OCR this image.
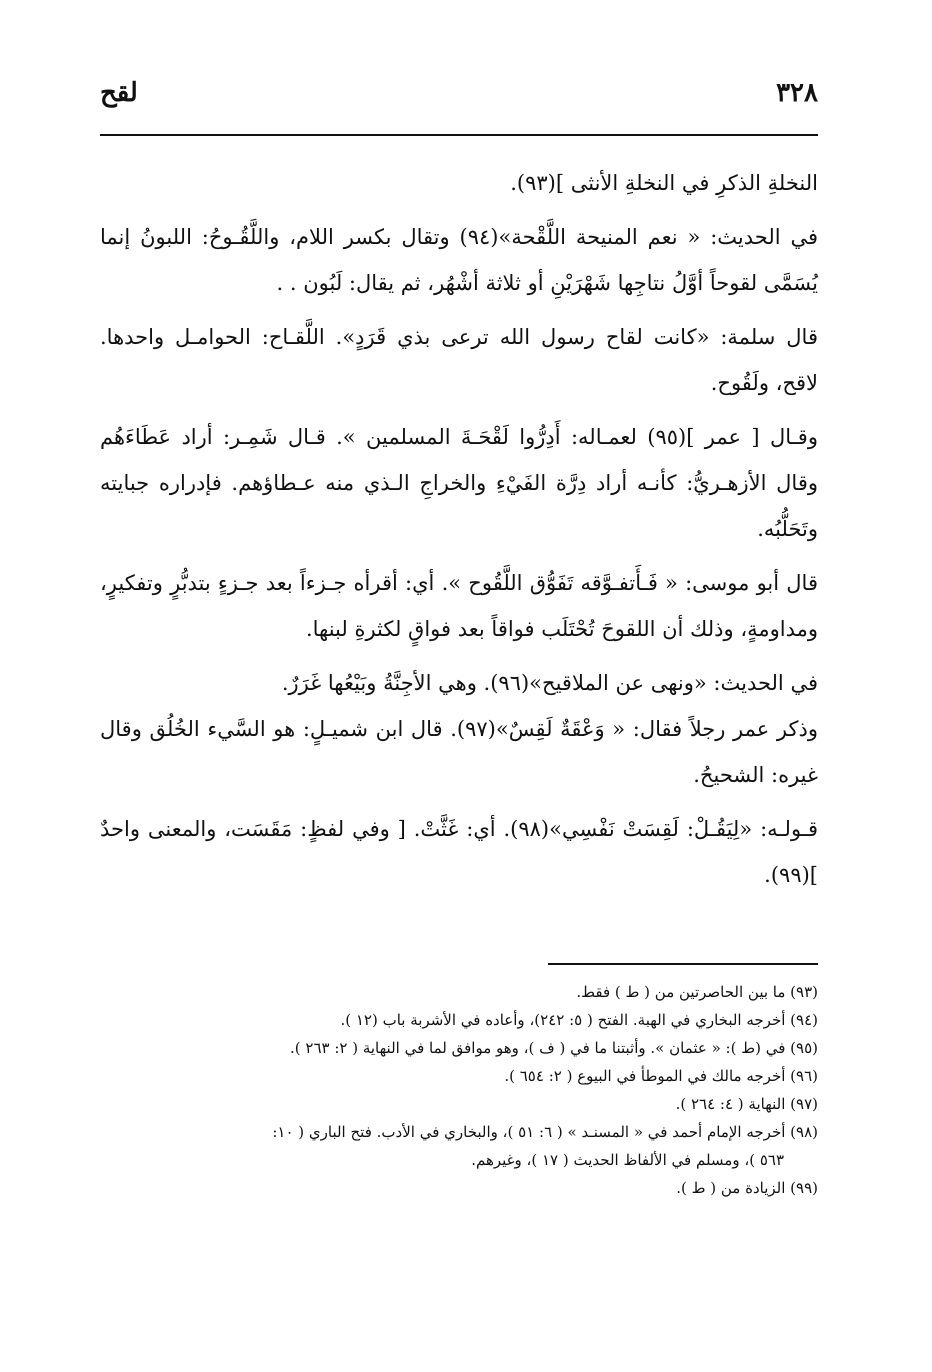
٣٢٨
لقح

النخلةِ الذكرِ في النخلةِ الأنثى ](٩٣).

في الحديث: « نعم المنيحة اللَّقْحة»(٩٤) وتقال بكسر اللام، واللَّقُـوحُ: اللبونُ إنما يُسَمَّى لقوحاً أوَّلُ نتاجِها شَهْرَيْنِ أو ثلاثة أشْهُر، ثم يقال: لَبُون . .

قال سلمة: «كانت لقاح رسول الله ترعى بذي قَرَدٍ». اللَّقـاح: الحوامـل واحدها. لاقح، ولَقُوح.

وقـال [ عمر ](٩٥) لعمـاله: أَدِرُّوا لَقْحَـةَ المسلمين ». قـال شَمِـر: أراد عَطَاءَهُم وقال الأزهـريُّ: كأنـه أراد دِرَّة الفَيْءِ والخراجِ الـذي منه عـطاؤهم. فإدراره جبايته وتَحَلُّبُه.

قال أبو موسى: « فَـأَتفـوَّقه تَفَوُّق اللَّقُوح ». أي: أقرأه جـزءاً بعد جـزءٍ بتدبُّرٍ وتفكيرٍ، ومداومةٍ، وذلك أن اللقوحَ تُحْتَلَب فواقاً بعد فواقٍ لكثرةِ لبنها.

في الحديث: «ونهى عن الملاقيح»(٩٦). وهي الأجِنَّةُ وبَيْعُها غَرَرٌ.

وذكر عمر رجلاً فقال: « وَعْقَةٌ لَقِسٌ»(٩٧). قال ابن شميـلٍ: هو السَّيء الخُلُق وقال غيره: الشحيحُ.

قـولـه: «لِيَقُـلْ: لَقِسَتْ نَفْسِي»(٩٨). أي: غَثَّتْ. [ وفي لفظٍ: مَقَسَت، والمعنى واحدٌ ](٩٩).

(٩٣) ما بين الحاصرتين من ( ط ) فقط.
(٩٤) أخرجه البخاري في الهبة. الفتح ( ٥: ٢٤٢)، وأعاده في الأشربة باب (١٢ ).
(٩٥) في (ط ): « عثمان ». وأثبتنا ما في ( ف )، وهو موافق لما في النهاية ( ٢: ٢٦٣ ).
(٩٦) أخرجه مالك في الموطأ في البيوع ( ٢: ٦٥٤ ).
(٩٧) النهاية ( ٤: ٢٦٤ ).
(٩٨) أخرجه الإمام أحمد في « المسنـد » ( ٦: ٥١ )، والبخاري في الأدب. فتح الباري ( ١٠:
٥٦٣ )، ومسلم في الألفاظ الحديث ( ١٧ )، وغيرهم.
(٩٩) الزيادة من ( ط ).
